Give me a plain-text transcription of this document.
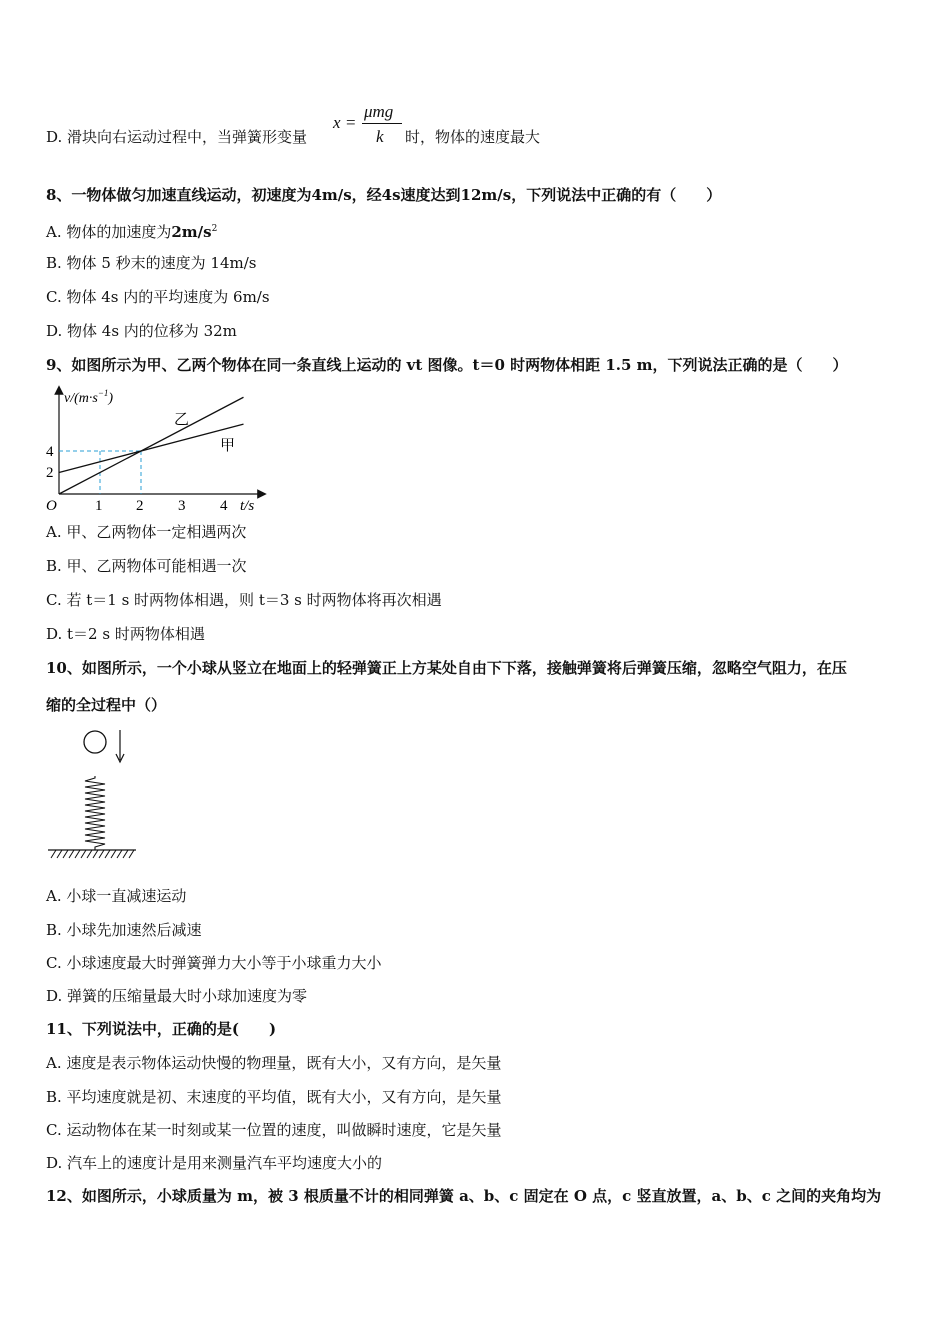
D. 滑块向右运动过程中，当弹簧形变量
x =
μmg
k 时，物体的速度最大
8、一物体做匀加速直线运动，初速度为4m/s，经4s速度达到12m/s，下列说法中正确的有（　　）
A. 物体的加速度为$2m/s^2$
B. 物体 5 秒末的速度为 14m/s
C. 物体 4s 内的平均速度为 6m/s
D. 物体 4s 内的位移为 32m
9、如图所示为甲、乙两个物体在同一条直线上运动的 vt 图像。t＝0 时两物体相距 1.5 m，下列说法正确的是（　　）
$v/(m\cdot s^{-1})$
t/s
O
4
2
1 2 3 4
乙
甲
A. 甲、乙两物体一定相遇两次
B. 甲、乙两物体可能相遇一次
C. 若 t＝1 s 时两物体相遇，则 t＝3 s 时两物体将再次相遇
D. t＝2 s 时两物体相遇
10、如图所示，一个小球从竖立在地面上的轻弹簧正上方某处自由下下落，接触弹簧将后弹簧压缩，忽略空气阻力，在压
缩的全过程中（）
A. 小球一直减速运动
B. 小球先加速然后减速
C. 小球速度最大时弹簧弹力大小等于小球重力大小
D. 弹簧的压缩量最大时小球加速度为零
11、下列说法中，正确的是(　　)
A. 速度是表示物体运动快慢的物理量，既有大小，又有方向，是矢量
B. 平均速度就是初、末速度的平均值，既有大小，又有方向，是矢量
C. 运动物体在某一时刻或某一位置的速度，叫做瞬时速度，它是矢量
D. 汽车上的速度计是用来测量汽车平均速度大小的
12、如图所示，小球质量为 m，被 3 根质量不计的相同弹簧 a、b、c 固定在 O 点，c 竖直放置，a、b、c 之间的夹角均为
